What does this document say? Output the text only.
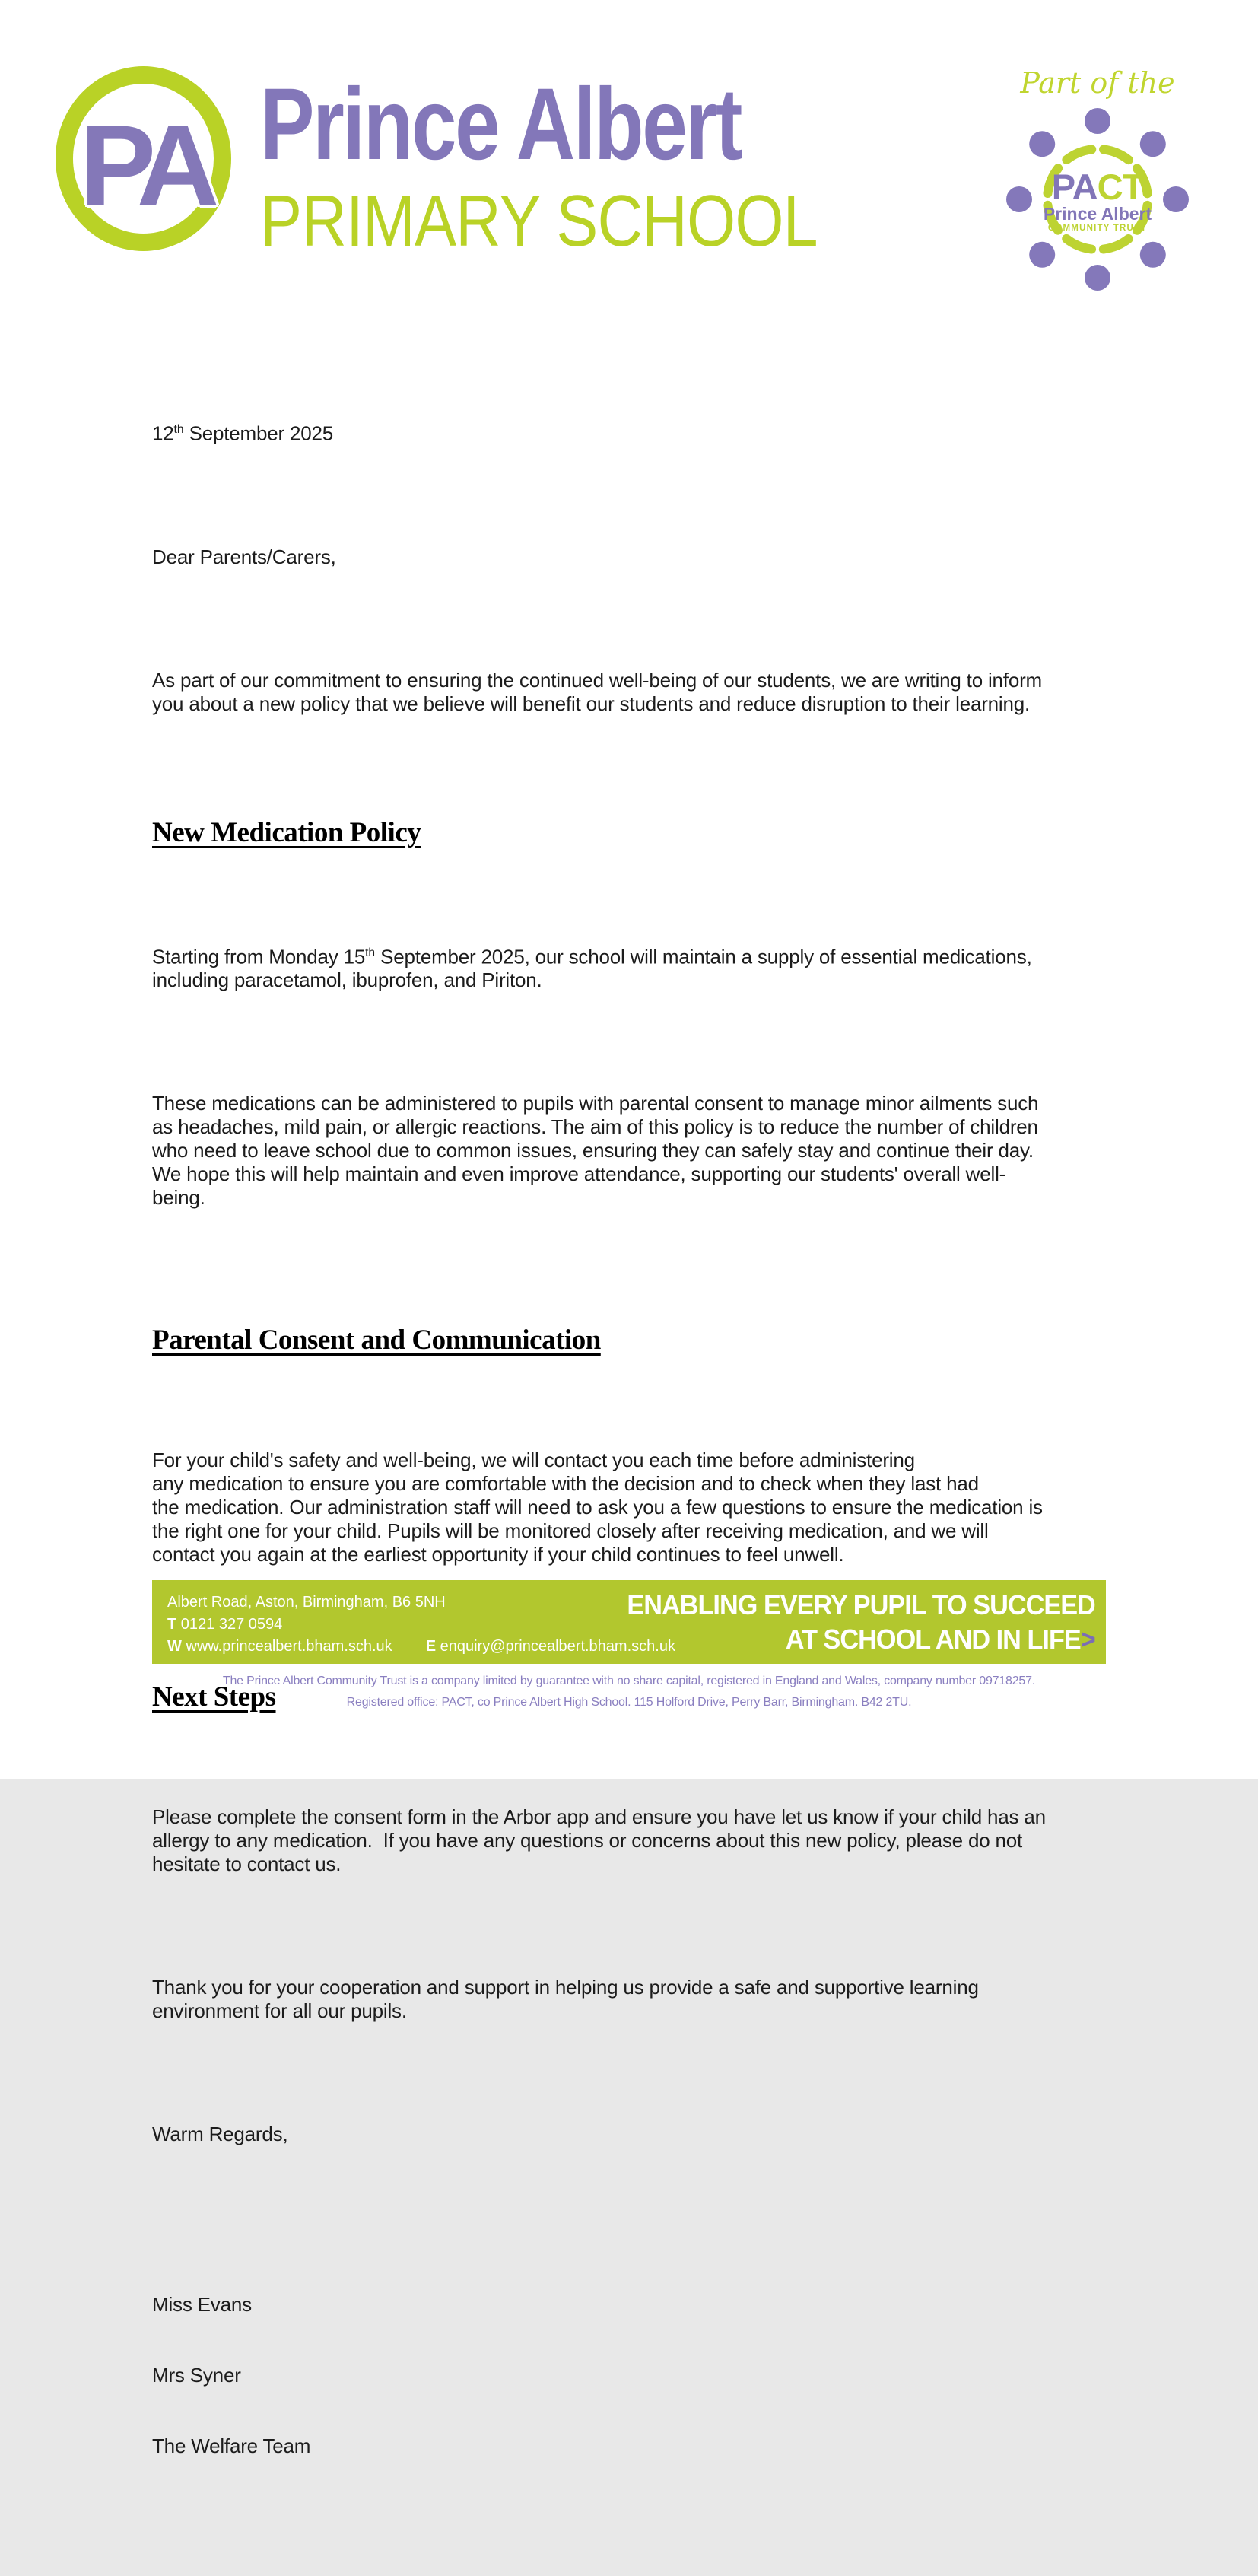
PA Prince Albert
PRIMARY SCHOOL
Part of the
PACT
Prince Albert
COMMUNITY TRUST

12th September 2025

Dear Parents/Carers,

As part of our commitment to ensuring the continued well-being of our students, we are writing to inform
you about a new policy that we believe will benefit our students and reduce disruption to their learning.

New Medication Policy

Starting from Monday 15th September 2025, our school will maintain a supply of essential medications,
including paracetamol, ibuprofen, and Piriton.

These medications can be administered to pupils with parental consent to manage minor ailments such
as headaches, mild pain, or allergic reactions. The aim of this policy is to reduce the number of children
who need to leave school due to common issues, ensuring they can safely stay and continue their day.
We hope this will help maintain and even improve attendance, supporting our students' overall well-
being.

Parental Consent and Communication

For your child's safety and well-being, we will contact you each time before administering
any medication to ensure you are comfortable with the decision and to check when they last had
the medication. Our administration staff will need to ask you a few questions to ensure the medication is
the right one for your child. Pupils will be monitored closely after receiving medication, and we will
contact you again at the earliest opportunity if your child continues to feel unwell.

Next Steps

Please complete the consent form in the Arbor app and ensure you have let us know if your child has an
allergy to any medication.  If you have any questions or concerns about this new policy, please do not
hesitate to contact us.

Thank you for your cooperation and support in helping us provide a safe and supportive learning
environment for all our pupils.

Warm Regards,

Miss Evans

Mrs Syner

The Welfare Team

Albert Road, Aston, Birmingham, B6 5NH
T 0121 327 0594
W www.princealbert.bham.sch.uk E enquiry@princealbert.bham.sch.uk
ENABLING EVERY PUPIL TO SUCCEED
AT SCHOOL AND IN LIFE>
The Prince Albert Community Trust is a company limited by guarantee with no share capital, registered in England and Wales, company number 09718257.
Registered office: PACT, co Prince Albert High School. 115 Holford Drive, Perry Barr, Birmingham. B42 2TU.
